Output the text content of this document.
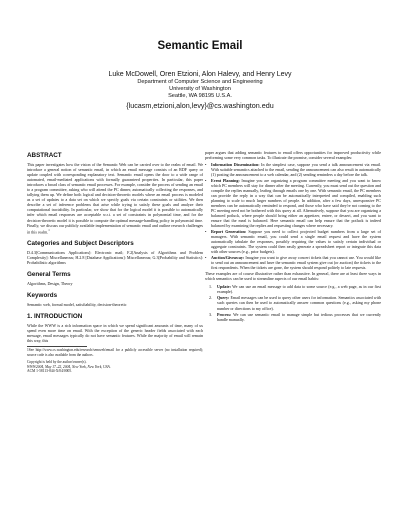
Semantic Email
Luke McDowell, Oren Etzioni, Alon Halevy, and Henry Levy
Department of Computer Science and Engineering
University of Washington
Seattle, WA 98195 U.S.A.
{lucasm,etzioni,alon,levy}@cs.washington.edu
ABSTRACT
This paper investigates how the vision of the Semantic Web can be carried over to the realm of email. We introduce a general notion of semantic email, in which an email message consists of an RDF query or update coupled with corresponding explanatory text. Semantic email opens the door to a wide range of automated, email-mediated applications with formally guaranteed properties. In particular, this paper introduces a broad class of semantic email processes. For example, consider the process of sending an email to a program committee, asking who will attend the PC dinner, automatically collecting the responses, and tallying them up. We define both logical and decision-theoretic models where an email process is modeled as a set of updates to a data set on which we specify goals via certain constraints or utilities. We then describe a set of inference problems that arise while trying to satisfy these goals and analyze their computational tractability. In particular, we show that for the logical model it is possible to automatically infer which email responses are acceptable w.r.t. a set of constraints in polynomial time, and for the decision-theoretic model it is possible to compute the optimal message-handling policy in polynomial time. Finally, we discuss our publicly available implementation of semantic email and outline research challenges in this realm.$^1$
Categories and Subject Descriptors
D.4.3[Communications Applications]: Electronic mail; F.2[Analysis of Algorithms and Problem Complexity]: Miscellaneous; H.2.8 [Database Applications]: Miscellaneous; G.3[Probability and Statistics]: Probabilistic algorithms
General Terms
Algorithms, Design, Theory
Keywords
Semantic web, formal model, satisfiability, decision-theoretic
1. INTRODUCTION
While the WWW is a rich information space in which we spend significant amounts of time, many of us spend even more time on email. With the exception of the generic header fields associated with each message, email messages typically do not have semantic features. While the majority of email will remain this way, this
1See http://www.cs.washington.edu/research/semweb/email for a publicly accessible server (no installation required); source code is also available from the authors.
Copyright is held by the author/owner(s).
WWW2004, May 17–22, 2004, New York, New York, USA.
ACM 1-58113-844-X/04/0005.
paper argues that adding semantic features to email offers opportunities for improved productivity while performing some very common tasks. To illustrate the promise, consider several examples:
• Information Dissemination: In the simplest case, suppose you send a talk announcement via email. With suitable semantics attached to the email, sending the announcement can also result in automatically (1) posting the announcement to a web calendar, and (2) sending reminders a day before the talk.
• Event Planning: Imagine you are organizing a program committee meeting and you want to know which PC members will stay for dinner after the meeting. Currently, you must send out the question and compile the replies manually, leafing through emails one by one. With semantic email, the PC members can provide the reply in a way that can be automatically interpreted and compiled, enabling such planning to scale to much larger numbers of people. In addition, after a few days, unresponsive PC members can be automatically reminded to respond, and those who have said they're not coming to the PC meeting need not be bothered with this query at all. Alternatively, suppose that you are organizing a balanced potluck, where people should bring either an appetizer, entree, or dessert, and you want to ensure that the meal is balanced. Here semantic email can help ensure that the potluck is indeed balanced by examining the replies and requesting changes where necessary.
• Report Generation: Suppose you need to collect projected budget numbers from a large set of managers. With semantic email, you could send a single email request and have the system automatically tabulate the responses, possibly requiring the values to satisfy certain individual or aggregate constraints. The system could then easily generate a spreadsheet report or integrate this data with other sources (e.g., prior budgets).
• Auction/Giveaway: Imagine you want to give away concert tickets that you cannot use. You would like to send out an announcement and have the semantic email system give out (or auction) the tickets to the first respondents. When the tickets are gone, the system should respond politely to late requests.
These examples are of course illustrative rather than exhaustive. In general, there are at least three ways in which semantics can be used to streamline aspects of our email habits:
1. Update: We can use an email message to add data to some source (e.g., a web page, as in our first example).
2. Query: Email messages can be used to query other users for information. Semantics associated with such queries can then be used to automatically answer common questions (e.g., asking my phone number or directions to my office).
3. Process: We can use semantic email to manage simple but tedious processes that we currently handle manually.
